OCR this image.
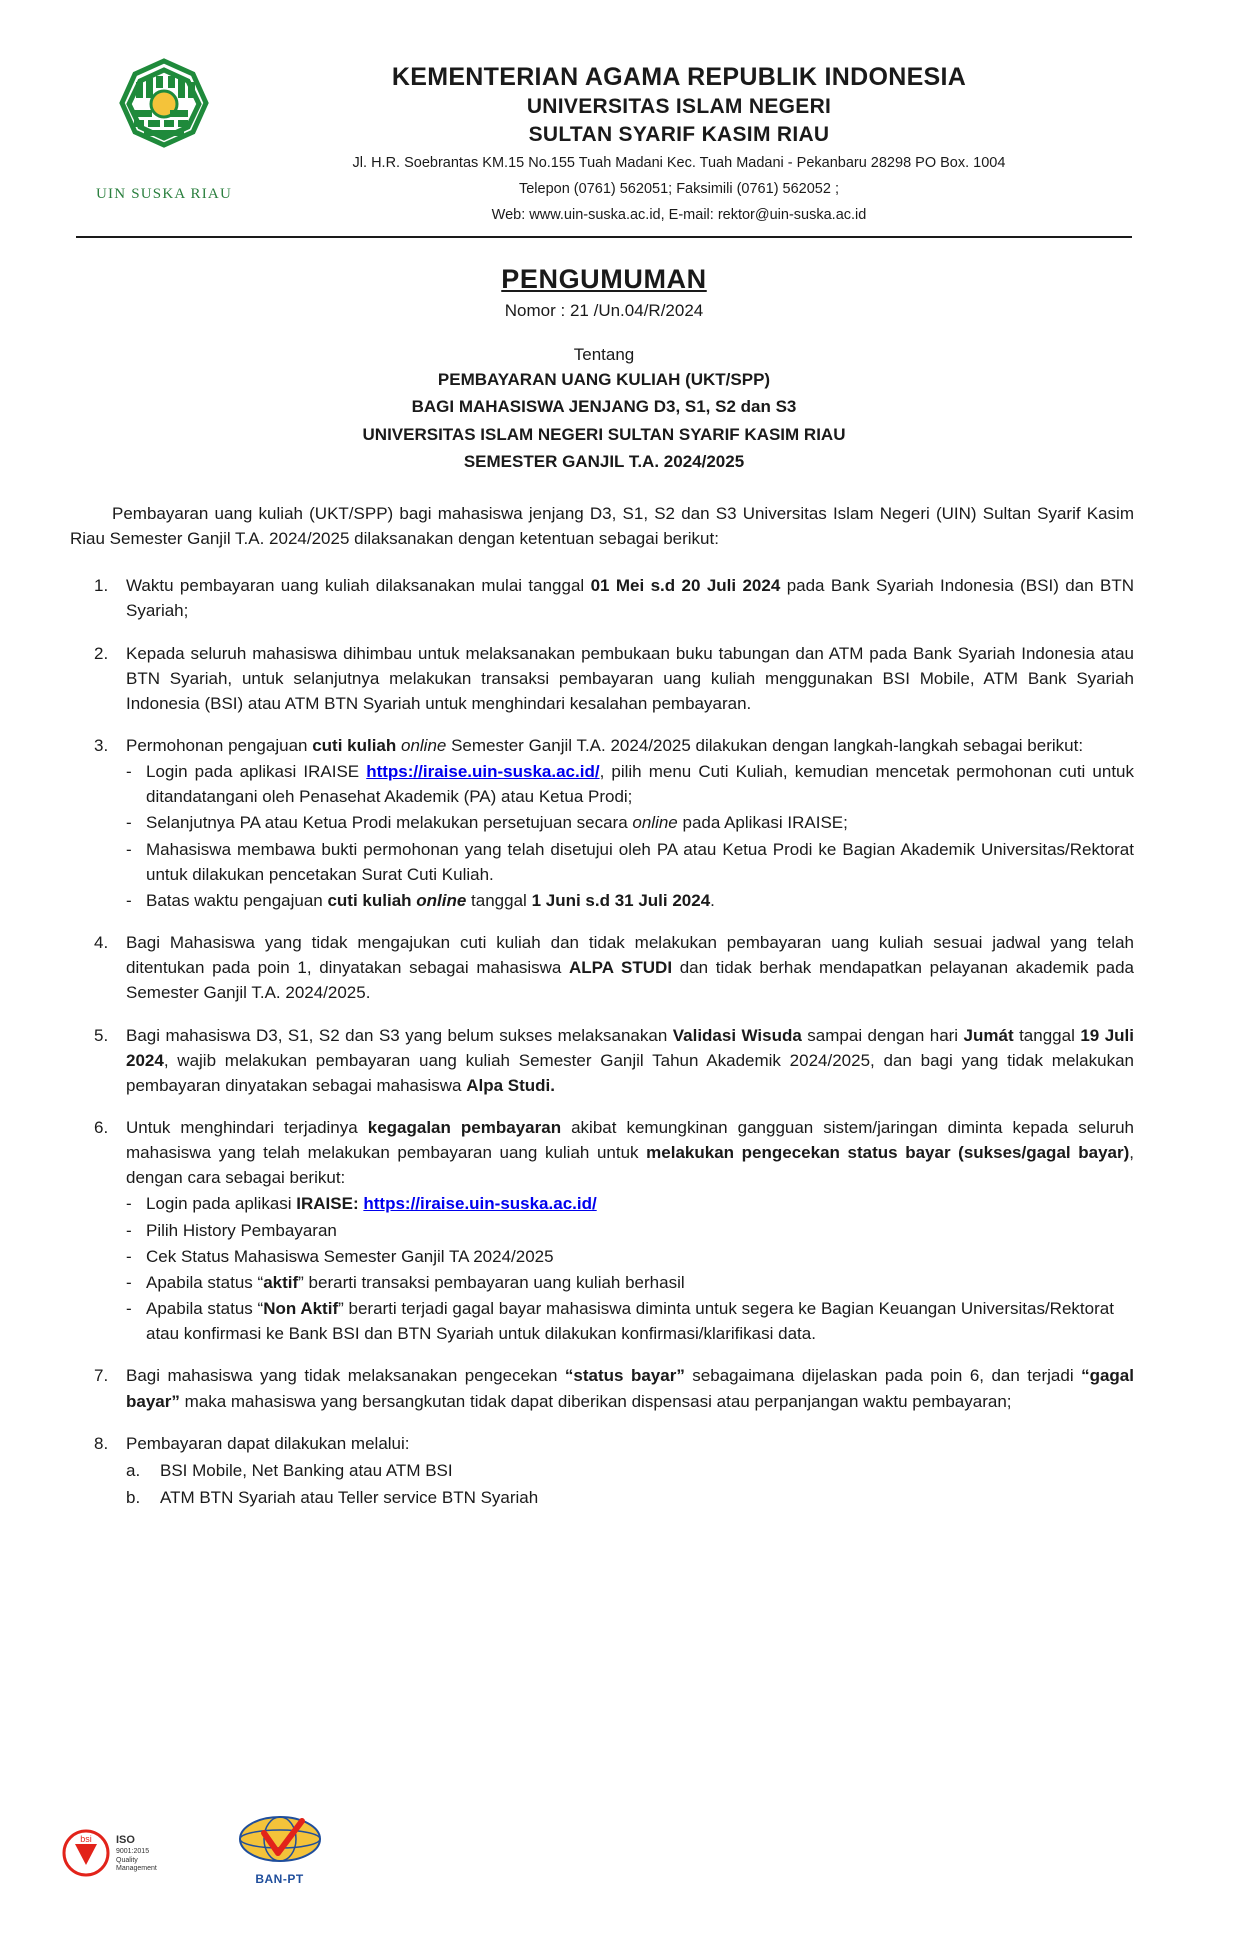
UIN SUSKA RIAU
KEMENTERIAN AGAMA REPUBLIK INDONESIA
UNIVERSITAS ISLAM NEGERI
SULTAN SYARIF KASIM RIAU
Jl. H.R. Soebrantas KM.15 No.155 Tuah Madani Kec. Tuah Madani - Pekanbaru 28298 PO Box. 1004
Telepon (0761) 562051; Faksimili (0761) 562052 ;
Web: www.uin-suska.ac.id, E-mail: rektor@uin-suska.ac.id
PENGUMUMAN
Nomor : 21 /Un.04/R/2024
Tentang
PEMBAYARAN UANG KULIAH (UKT/SPP)
BAGI MAHASISWA JENJANG D3, S1, S2 dan S3
UNIVERSITAS ISLAM NEGERI SULTAN SYARIF KASIM RIAU
SEMESTER GANJIL T.A. 2024/2025
Pembayaran uang kuliah (UKT/SPP) bagi mahasiswa jenjang D3, S1, S2 dan S3 Universitas Islam Negeri (UIN) Sultan Syarif Kasim Riau Semester Ganjil T.A. 2024/2025 dilaksanakan dengan ketentuan sebagai berikut:
1.	Waktu pembayaran uang kuliah dilaksanakan mulai tanggal 01 Mei s.d 20 Juli 2024 pada Bank Syariah Indonesia (BSI) dan BTN Syariah;

2.	Kepada seluruh mahasiswa dihimbau untuk melaksanakan pembukaan buku tabungan dan ATM pada Bank Syariah Indonesia atau BTN Syariah, untuk selanjutnya melakukan transaksi pembayaran uang kuliah menggunakan BSI Mobile, ATM Bank Syariah Indonesia (BSI) atau ATM BTN Syariah untuk menghindari kesalahan pembayaran.

3.	Permohonan pengajuan cuti kuliah online Semester Ganjil T.A. 2024/2025 dilakukan dengan langkah-langkah sebagai berikut:

- Login pada aplikasi IRAISE https://iraise.uin-suska.ac.id/, pilih menu Cuti Kuliah, kemudian mencetak permohonan cuti untuk ditandatangani oleh Penasehat Akademik (PA) atau Ketua Prodi;
- Selanjutnya PA atau Ketua Prodi melakukan persetujuan secara online pada Aplikasi IRAISE;
- Mahasiswa membawa bukti permohonan yang telah disetujui oleh PA atau Ketua Prodi ke Bagian Akademik Universitas/Rektorat untuk dilakukan pencetakan Surat Cuti Kuliah.
- Batas waktu pengajuan cuti kuliah online tanggal 1 Juni s.d 31 Juli 2024.
4.	Bagi Mahasiswa yang tidak mengajukan cuti kuliah dan tidak melakukan pembayaran uang kuliah sesuai jadwal yang telah ditentukan pada poin 1, dinyatakan sebagai mahasiswa ALPA STUDI dan tidak berhak mendapatkan pelayanan akademik pada Semester Ganjil T.A. 2024/2025.

5.	Bagi mahasiswa D3, S1, S2 dan S3 yang belum sukses melaksanakan Validasi Wisuda sampai dengan hari Jumát tanggal 19 Juli 2024, wajib melakukan pembayaran uang kuliah Semester Ganjil Tahun Akademik 2024/2025, dan bagi yang tidak melakukan pembayaran dinyatakan sebagai mahasiswa Alpa Studi.

6.	Untuk menghindari terjadinya kegagalan pembayaran akibat kemungkinan gangguan sistem/jaringan diminta kepada seluruh mahasiswa yang telah melakukan pembayaran uang kuliah untuk melakukan pengecekan status bayar (sukses/gagal bayar), dengan cara sebagai berikut:

- Login pada aplikasi IRAISE: https://iraise.uin-suska.ac.id/
- Pilih History Pembayaran
- Cek Status Mahasiswa Semester Ganjil TA 2024/2025
- Apabila status “aktif” berarti transaksi pembayaran uang kuliah berhasil
- Apabila status “Non Aktif” berarti terjadi gagal bayar mahasiswa diminta untuk segera ke Bagian Keuangan Universitas/Rektorat atau konfirmasi ke Bank BSI dan BTN Syariah untuk dilakukan konfirmasi/klarifikasi data.
7.	Bagi mahasiswa yang tidak melaksanakan pengecekan “status bayar” sebagaimana dijelaskan pada poin 6, dan terjadi “gagal bayar” maka mahasiswa yang bersangkutan tidak dapat diberikan dispensasi atau perpanjangan waktu pembayaran;

8.	Pembayaran dapat dilakukan melalui:

a.	BSI Mobile, Net Banking atau ATM BSI
b.	ATM BTN Syariah atau Teller service BTN Syariah
bsi ISO
9001:2015
Quality
Management
BAN-PT
